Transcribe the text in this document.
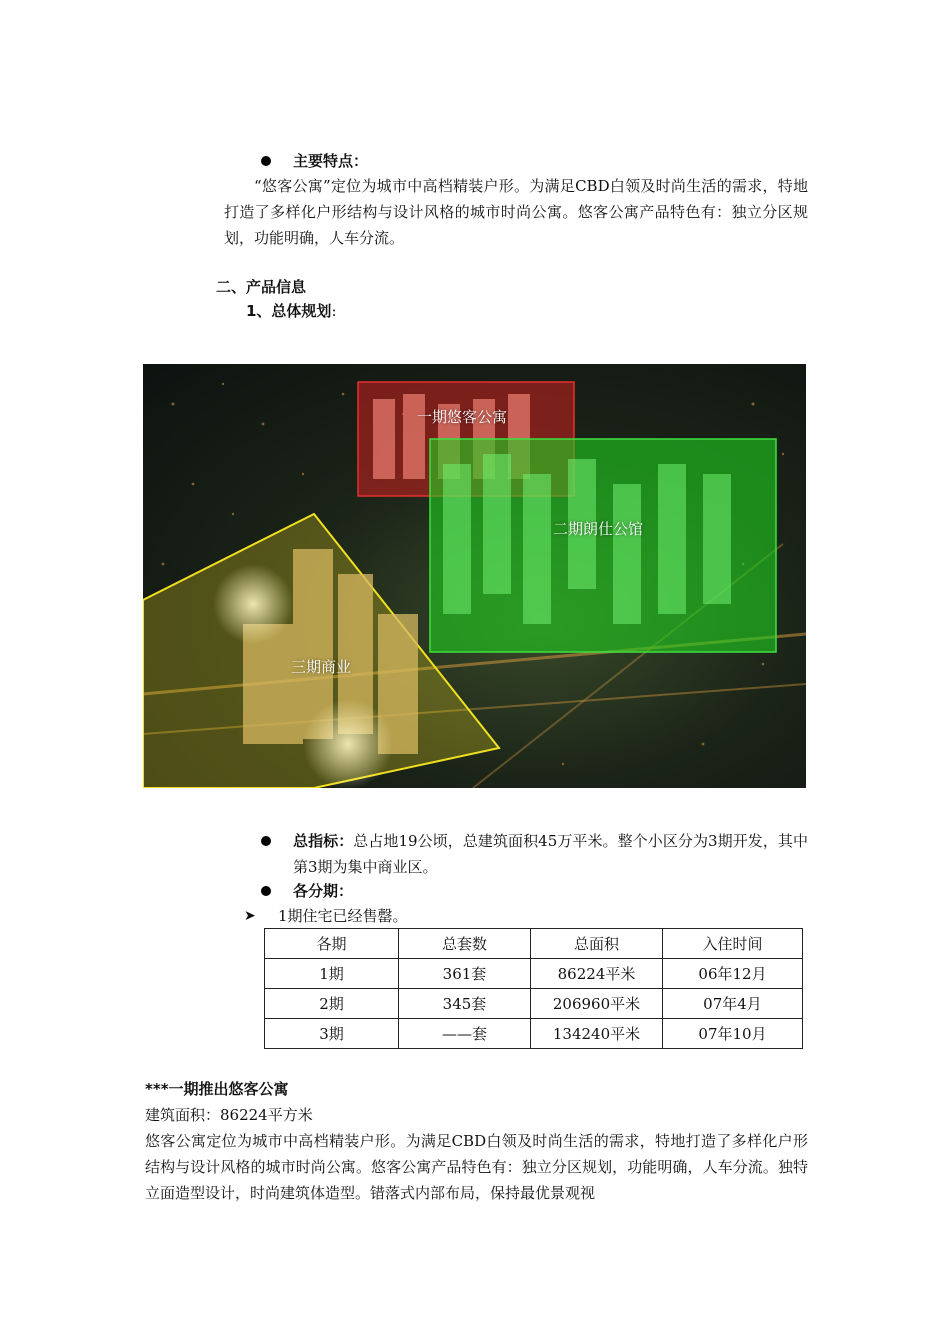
主要特点：
“悠客公寓”定位为城市中高档精装户形。为满足CBD白领及时尚生活的需求，特地打造了多样化户形结构与设计风格的城市时尚公寓。悠客公寓产品特色有：独立分区规划，功能明确，人车分流。
二、产品信息
1、总体规划:
一期悠客公寓
二期朗仕公馆
三期商业
总指标：总占地19公顷，总建筑面积45万平米。整个小区分为3期开发，其中第3期为集中商业区。
各分期：
➤ 1期住宅已经售罄。
各期	总套数	总面积	入住时间
1期	361套	86224平米	06年12月
2期	345套	206960平米	07年4月
3期	——套	134240平米	07年10月
***一期推出悠客公寓
建筑面积：86224平方米
悠客公寓定位为城市中高档精装户形。为满足CBD白领及时尚生活的需求，特地打造了多样化户形结构与设计风格的城市时尚公寓。悠客公寓产品特色有：独立分区规划，功能明确，人车分流。独特立面造型设计，时尚建筑体造型。错落式内部布局，保持最优景观视
